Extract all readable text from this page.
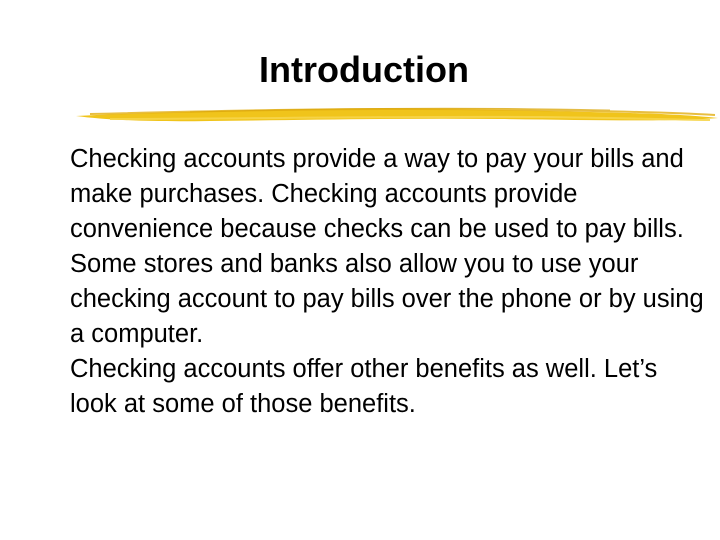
Introduction

Checking accounts provide a way to pay your bills and make purchases. Checking accounts provide convenience because checks can be used to pay bills. Some stores and banks also allow you to use your checking account to pay bills over the phone or by using a computer.

Checking accounts offer other benefits as well. Let’s look at some of those benefits.
